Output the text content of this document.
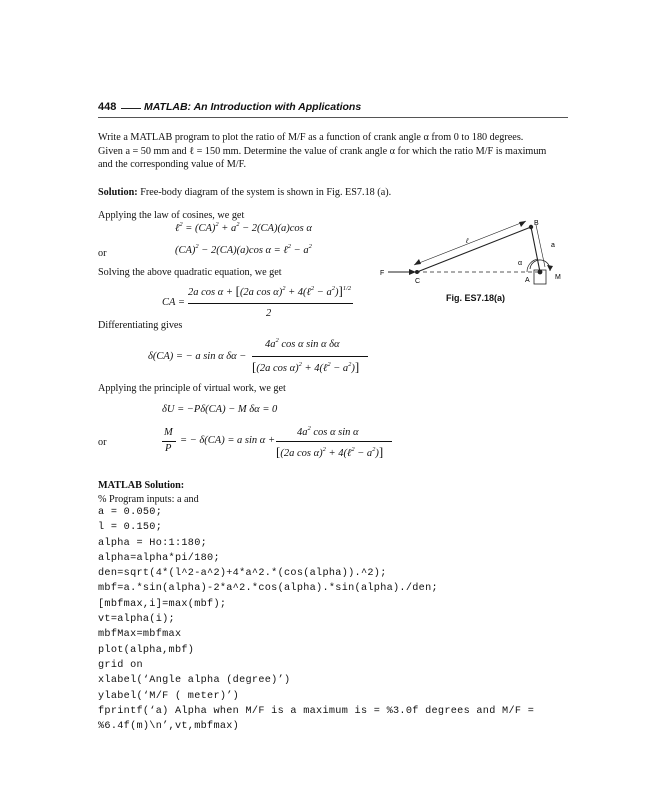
448	MATLAB: An Introduction with Applications
Write a MATLAB program to plot the ratio of M/F as a function of crank angle α from 0 to 180 degrees.
Given a = 50 mm and ℓ = 150 mm. Determine the value of crank angle α for which the ratio M/F is maximum
and the corresponding value of M/F.
Solution: Free-body diagram of the system is shown in Fig. ES7.18 (a).
Applying the law of cosines, we get
ℓ$^2$ = $(CA)^2 + a^2 - 2(CA)(a)\cos$ α
or	(CA)$^2$ − 2(CA)(a)cos α = ℓ$^2$ − $a^2$
Solving the above quadratic equation, we get
CA =
2a cos α + [(2a cos α)$^2$ + 4(ℓ$^2$ − $a^2)]^{1/2}$
2
Differentiating gives
δ(CA) = − a sin α δα −
$4a^2$ cos α sin α δα
[(2a cos α)$^2$ + 4(ℓ$^2$ − $a^2$)]
Applying the principle of virtual work, we get
δU = −Pδ(CA) − M δα = 0
or
M
P
= − δ(CA) = a sin α +
$4a^2$ cos α sin α
[(2a cos α)$^2$ + 4(ℓ$^2$ − $a^2$)]
B
a
ℓ
α
F
C	A	M
Fig. ES7.18(a)
MATLAB Solution:
% Program inputs: a and
a = 0.050;
l = 0.150;
alpha = Ho:1:180;
alpha=alpha*pi/180;
den=sqrt(4*(l^2-a^2)+4*a^2.*(cos(alpha)).^2);
mbf=a.*sin(alpha)-2*a^2.*cos(alpha).*sin(alpha)./den;
[mbfmax,i]=max(mbf);
vt=alpha(i);
mbfMax=mbfmax
plot(alpha,mbf)
grid on
xlabel(‘Angle alpha (degree)’)
ylabel(‘M/F ( meter)’)
fprintf(‘a) Alpha when M/F is a maximum is = %3.0f degrees and M/F =
%6.4f(m)\n’,vt,mbfmax)
